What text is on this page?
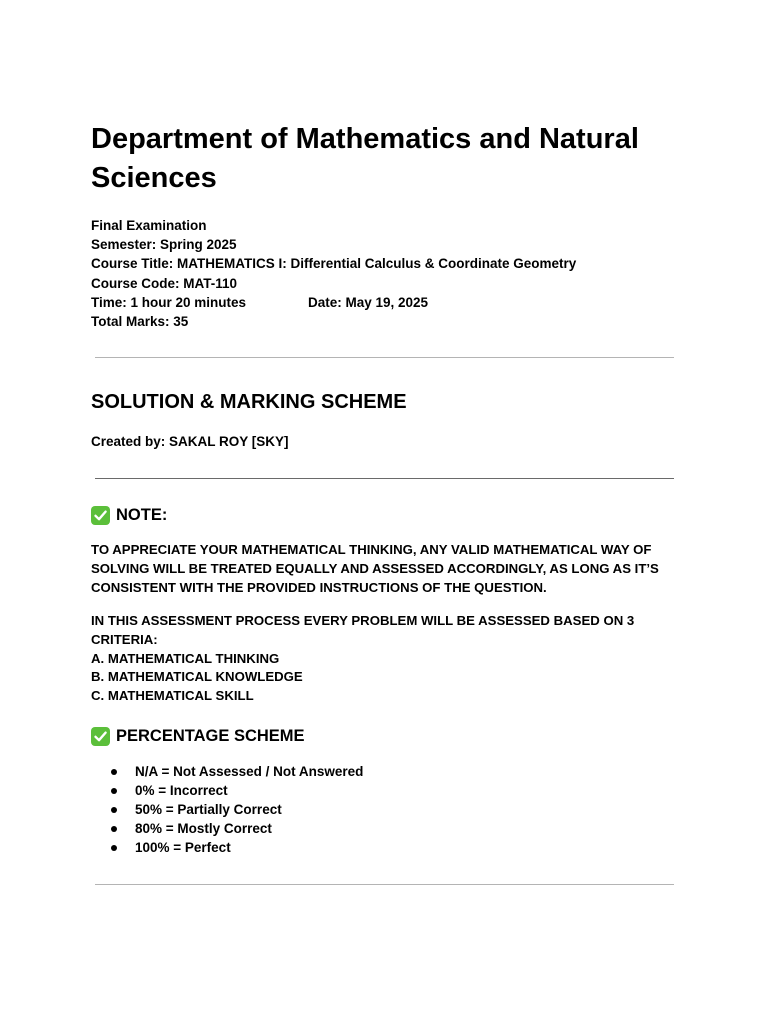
Department of Mathematics and Natural Sciences
Final Examination
Semester: Spring 2025
Course Title: MATHEMATICS I: Differential Calculus & Coordinate Geometry
Course Code: MAT-110
Time: 1 hour 20 minutes	Date: May 19, 2025
Total Marks: 35
SOLUTION & MARKING SCHEME
Created by: SAKAL ROY [SKY]
NOTE:
TO APPRECIATE YOUR MATHEMATICAL THINKING, ANY VALID MATHEMATICAL WAY OF SOLVING WILL BE TREATED EQUALLY AND ASSESSED ACCORDINGLY, AS LONG AS IT’S CONSISTENT WITH THE PROVIDED INSTRUCTIONS OF THE QUESTION.
IN THIS ASSESSMENT PROCESS EVERY PROBLEM WILL BE ASSESSED BASED ON 3 CRITERIA:
A. MATHEMATICAL THINKING
B. MATHEMATICAL KNOWLEDGE
C. MATHEMATICAL SKILL
PERCENTAGE SCHEME
N/A = Not Assessed / Not Answered
0% = Incorrect
50% = Partially Correct
80% = Mostly Correct
100% = Perfect
